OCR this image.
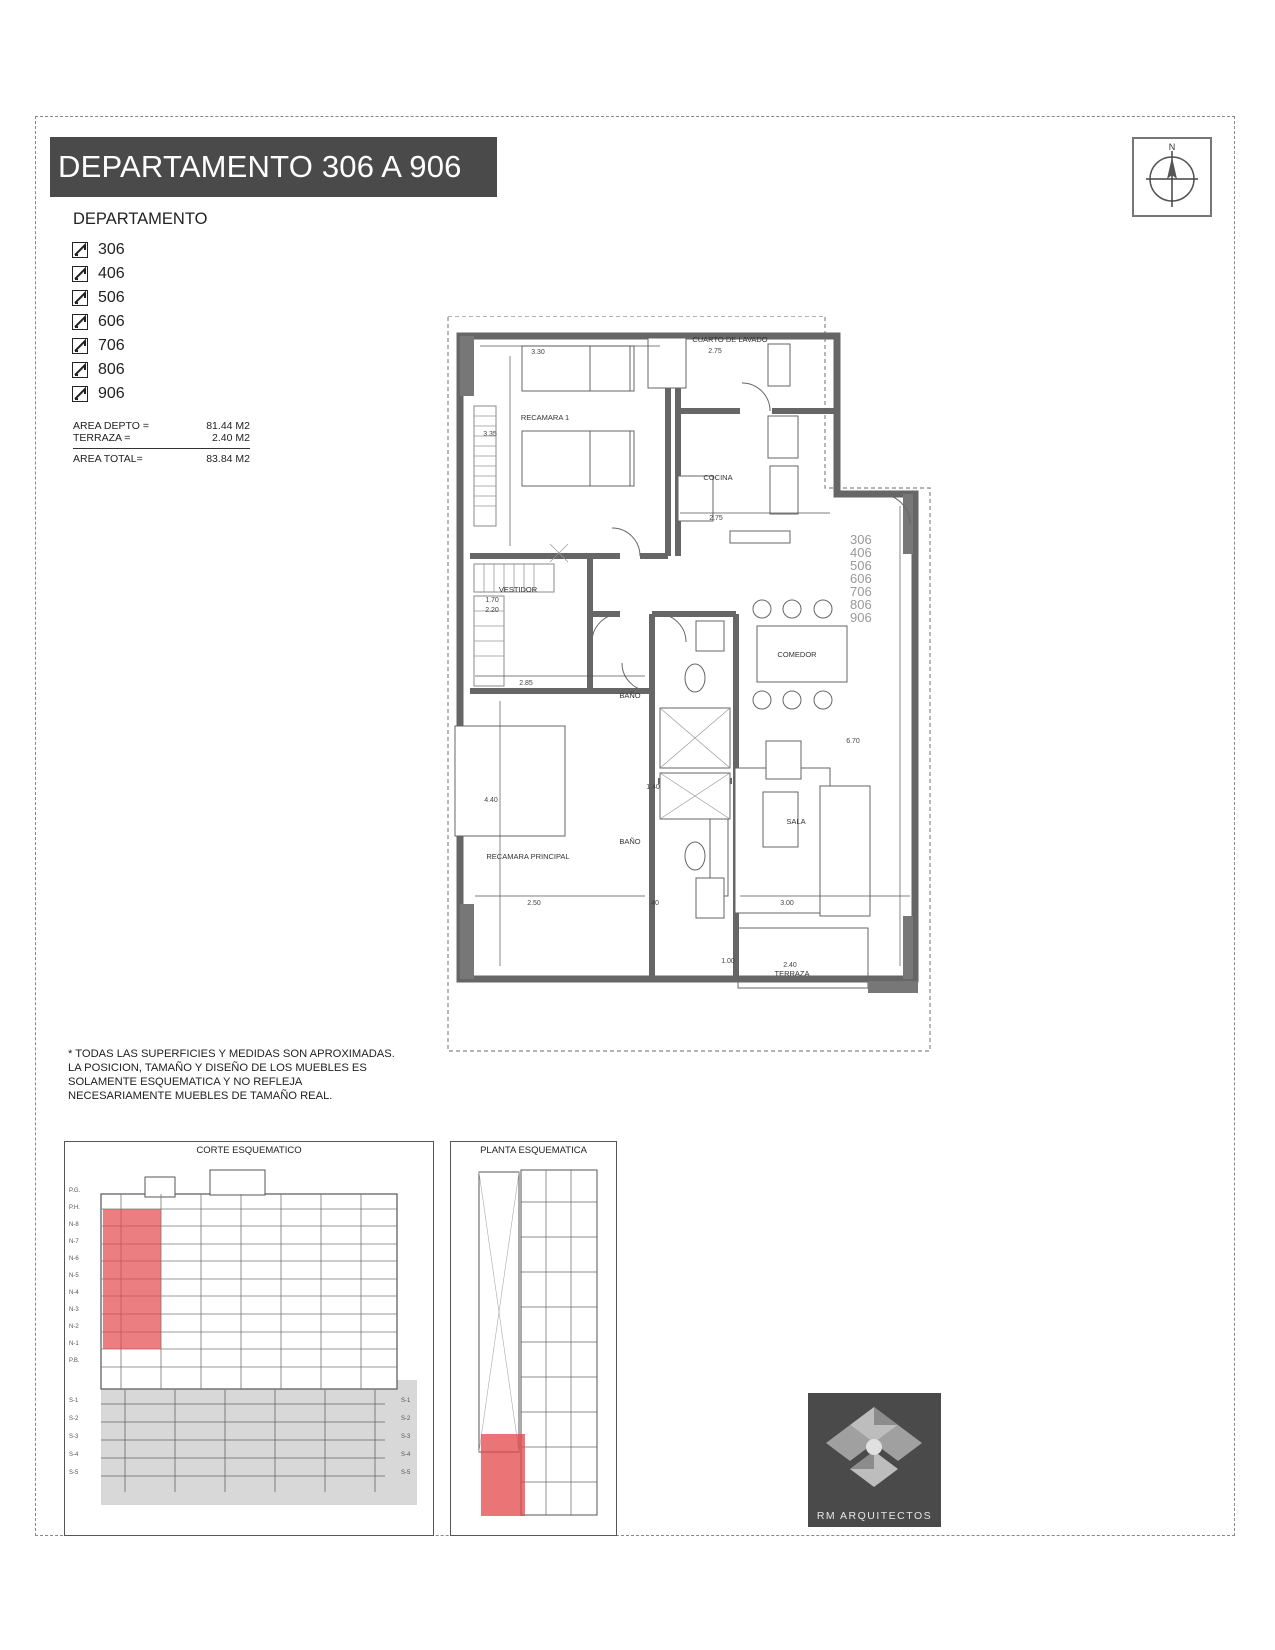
DEPARTAMENTO 306 A 906
N
DEPARTAMENTO
306
406
506
606
706
806
906
AREA DEPTO =	81.44 M2
TERRAZA =	2.40 M2
AREA TOTAL=	83.84 M2
CUARTO DE LAVADO
RECAMARA 1
COCINA
VESTIDOR
BAÑO
BAÑO
COMEDOR
SALA
RECAMARA PRINCIPAL
TERRAZA
3.30	2.75
3.35
2.75
1.70
2.20
2.85
4.40
6.70
1.40
2.50	40	3.00
1.00
2.40
306
406
506
606
706
806
906

* TODAS LAS SUPERFICIES Y MEDIDAS SON APROXIMADAS.

LA POSICION, TAMAÑO Y DISEÑO DE LOS MUEBLES ES SOLAMENTE ESQUEMATICA Y NO REFLEJA NECESARIAMENTE MUEBLES DE TAMAÑO REAL.

CORTE ESQUEMATICO
P.G.
P.H.
N-8
N-7
N-6
N-5
N-4
N-3
N-2
N-1
P.B.
S-1
S-2
S-3
S-4
S-5
S-1
S-2
S-3
S-4
S-5
PLANTA ESQUEMATICA
RM ARQUITECTOS
